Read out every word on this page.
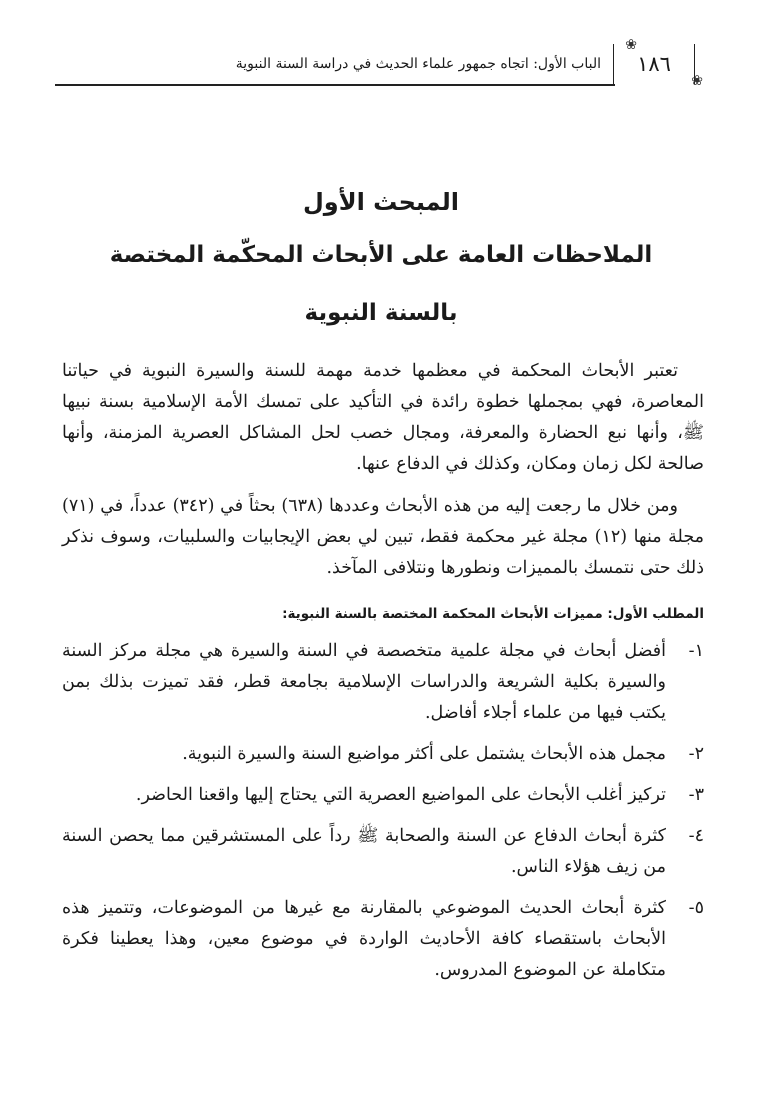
١٨٦
❀
❀
الباب الأول: اتجاه جمهور علماء الحديث في دراسة السنة النبوية
المبحث الأول
الملاحظات العامة على الأبحاث المحكّمة المختصة
بالسنة النبوية

تعتبر الأبحاث المحكمة في معظمها خدمة مهمة للسنة والسيرة النبوية في حياتنا المعاصرة، فهي بمجملها خطوة رائدة في التأكيد على تمسك الأمة الإسلامية بسنة نبيها ﷺ، وأنها نبع الحضارة والمعرفة، ومجال خصب لحل المشاكل العصرية المزمنة، وأنها صالحة لكل زمان ومكان، وكذلك في الدفاع عنها.

ومن خلال ما رجعت إليه من هذه الأبحاث وعددها (٦٣٨) بحثاً في (٣٤٢) عدداً، في (٧١) مجلة منها (١٢) مجلة غير محكمة فقط، تبين لي بعض الإيجابيات والسلبيات، وسوف نذكر ذلك حتى نتمسك بالمميزات ونطورها ونتلافى المآخذ.

المطلب الأول: مميزات الأبحاث المحكمة المختصة بالسنة النبوية:
١-
أفضل أبحاث في مجلة علمية متخصصة في السنة والسيرة هي مجلة مركز السنة والسيرة بكلية الشريعة والدراسات الإسلامية بجامعة قطر، فقد تميزت بذلك بمن يكتب فيها من علماء أجلاء أفاضل.
٢-
مجمل هذه الأبحاث يشتمل على أكثر مواضيع السنة والسيرة النبوية.
٣-
تركيز أغلب الأبحاث على المواضيع العصرية التي يحتاج إليها واقعنا الحاضر.
٤-
كثرة أبحاث الدفاع عن السنة والصحابة ﷺ رداً على المستشرقين مما يحصن السنة من زيف هؤلاء الناس.
٥-
كثرة أبحاث الحديث الموضوعي بالمقارنة مع غيرها من الموضوعات، وتتميز هذه الأبحاث باستقصاء كافة الأحاديث الواردة في موضوع معين، وهذا يعطينا فكرة متكاملة عن الموضوع المدروس.
